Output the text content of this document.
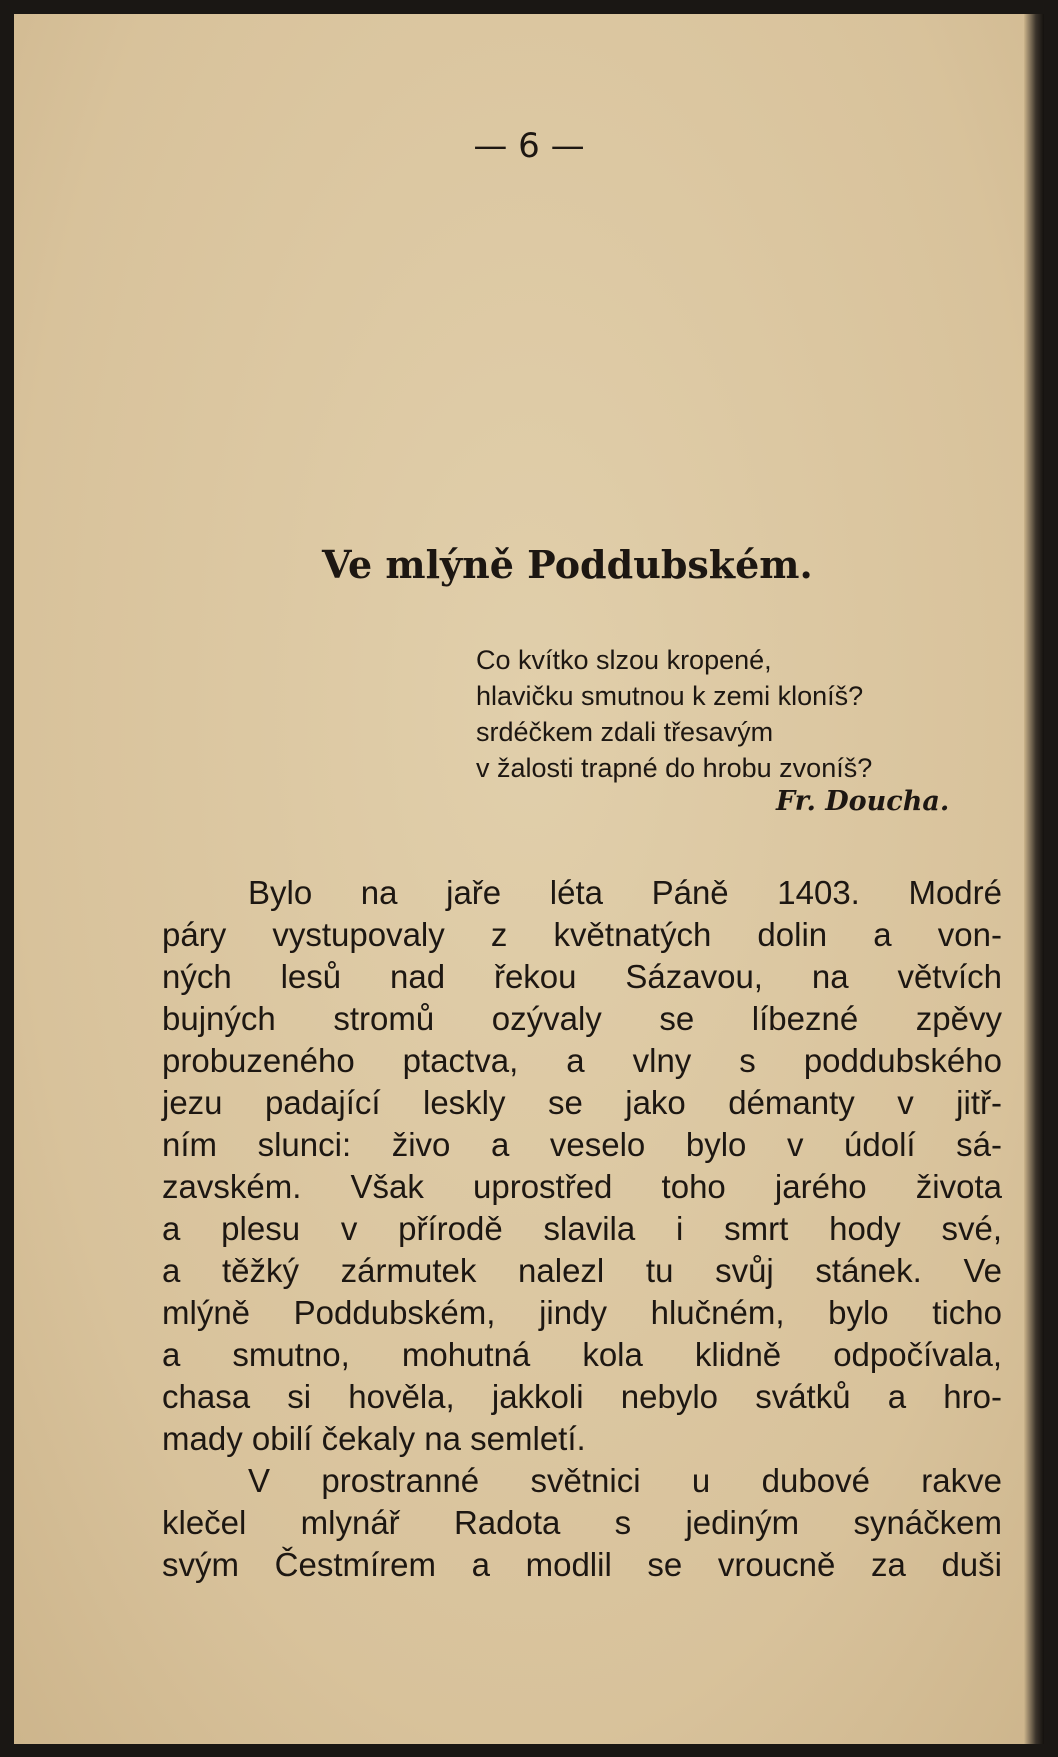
— 6 —
Ve mlýně Poddubském.
Co kvítko slzou kropené,
hlavičku smutnou k zemi kloníš?
srdéčkem zdali třesavým
v žalosti trapné do hrobu zvoníš?
Fr. Doucha.
Bylo na jaře léta Páně 1403. Modré
páry vystupovaly z květnatých dolin a von-
ných lesů nad řekou Sázavou, na větvích
bujných stromů ozývaly se líbezné zpěvy
probuzeného ptactva, a vlny s poddubského
jezu padající leskly se jako démanty v jitř-
ním slunci: živo a veselo bylo v údolí sá-
zavském. Však uprostřed toho jarého života
a plesu v přírodě slavila i smrt hody své,
a těžký zármutek nalezl tu svůj stánek. Ve
mlýně Poddubském, jindy hlučném, bylo ticho
a smutno, mohutná kola klidně odpočívala,
chasa si hověla, jakkoli nebylo svátků a hro-
mady obilí čekaly na semletí.
V prostranné světnici u dubové rakve
klečel mlynář Radota s jediným synáčkem
svým Čestmírem a modlil se vroucně za duši
